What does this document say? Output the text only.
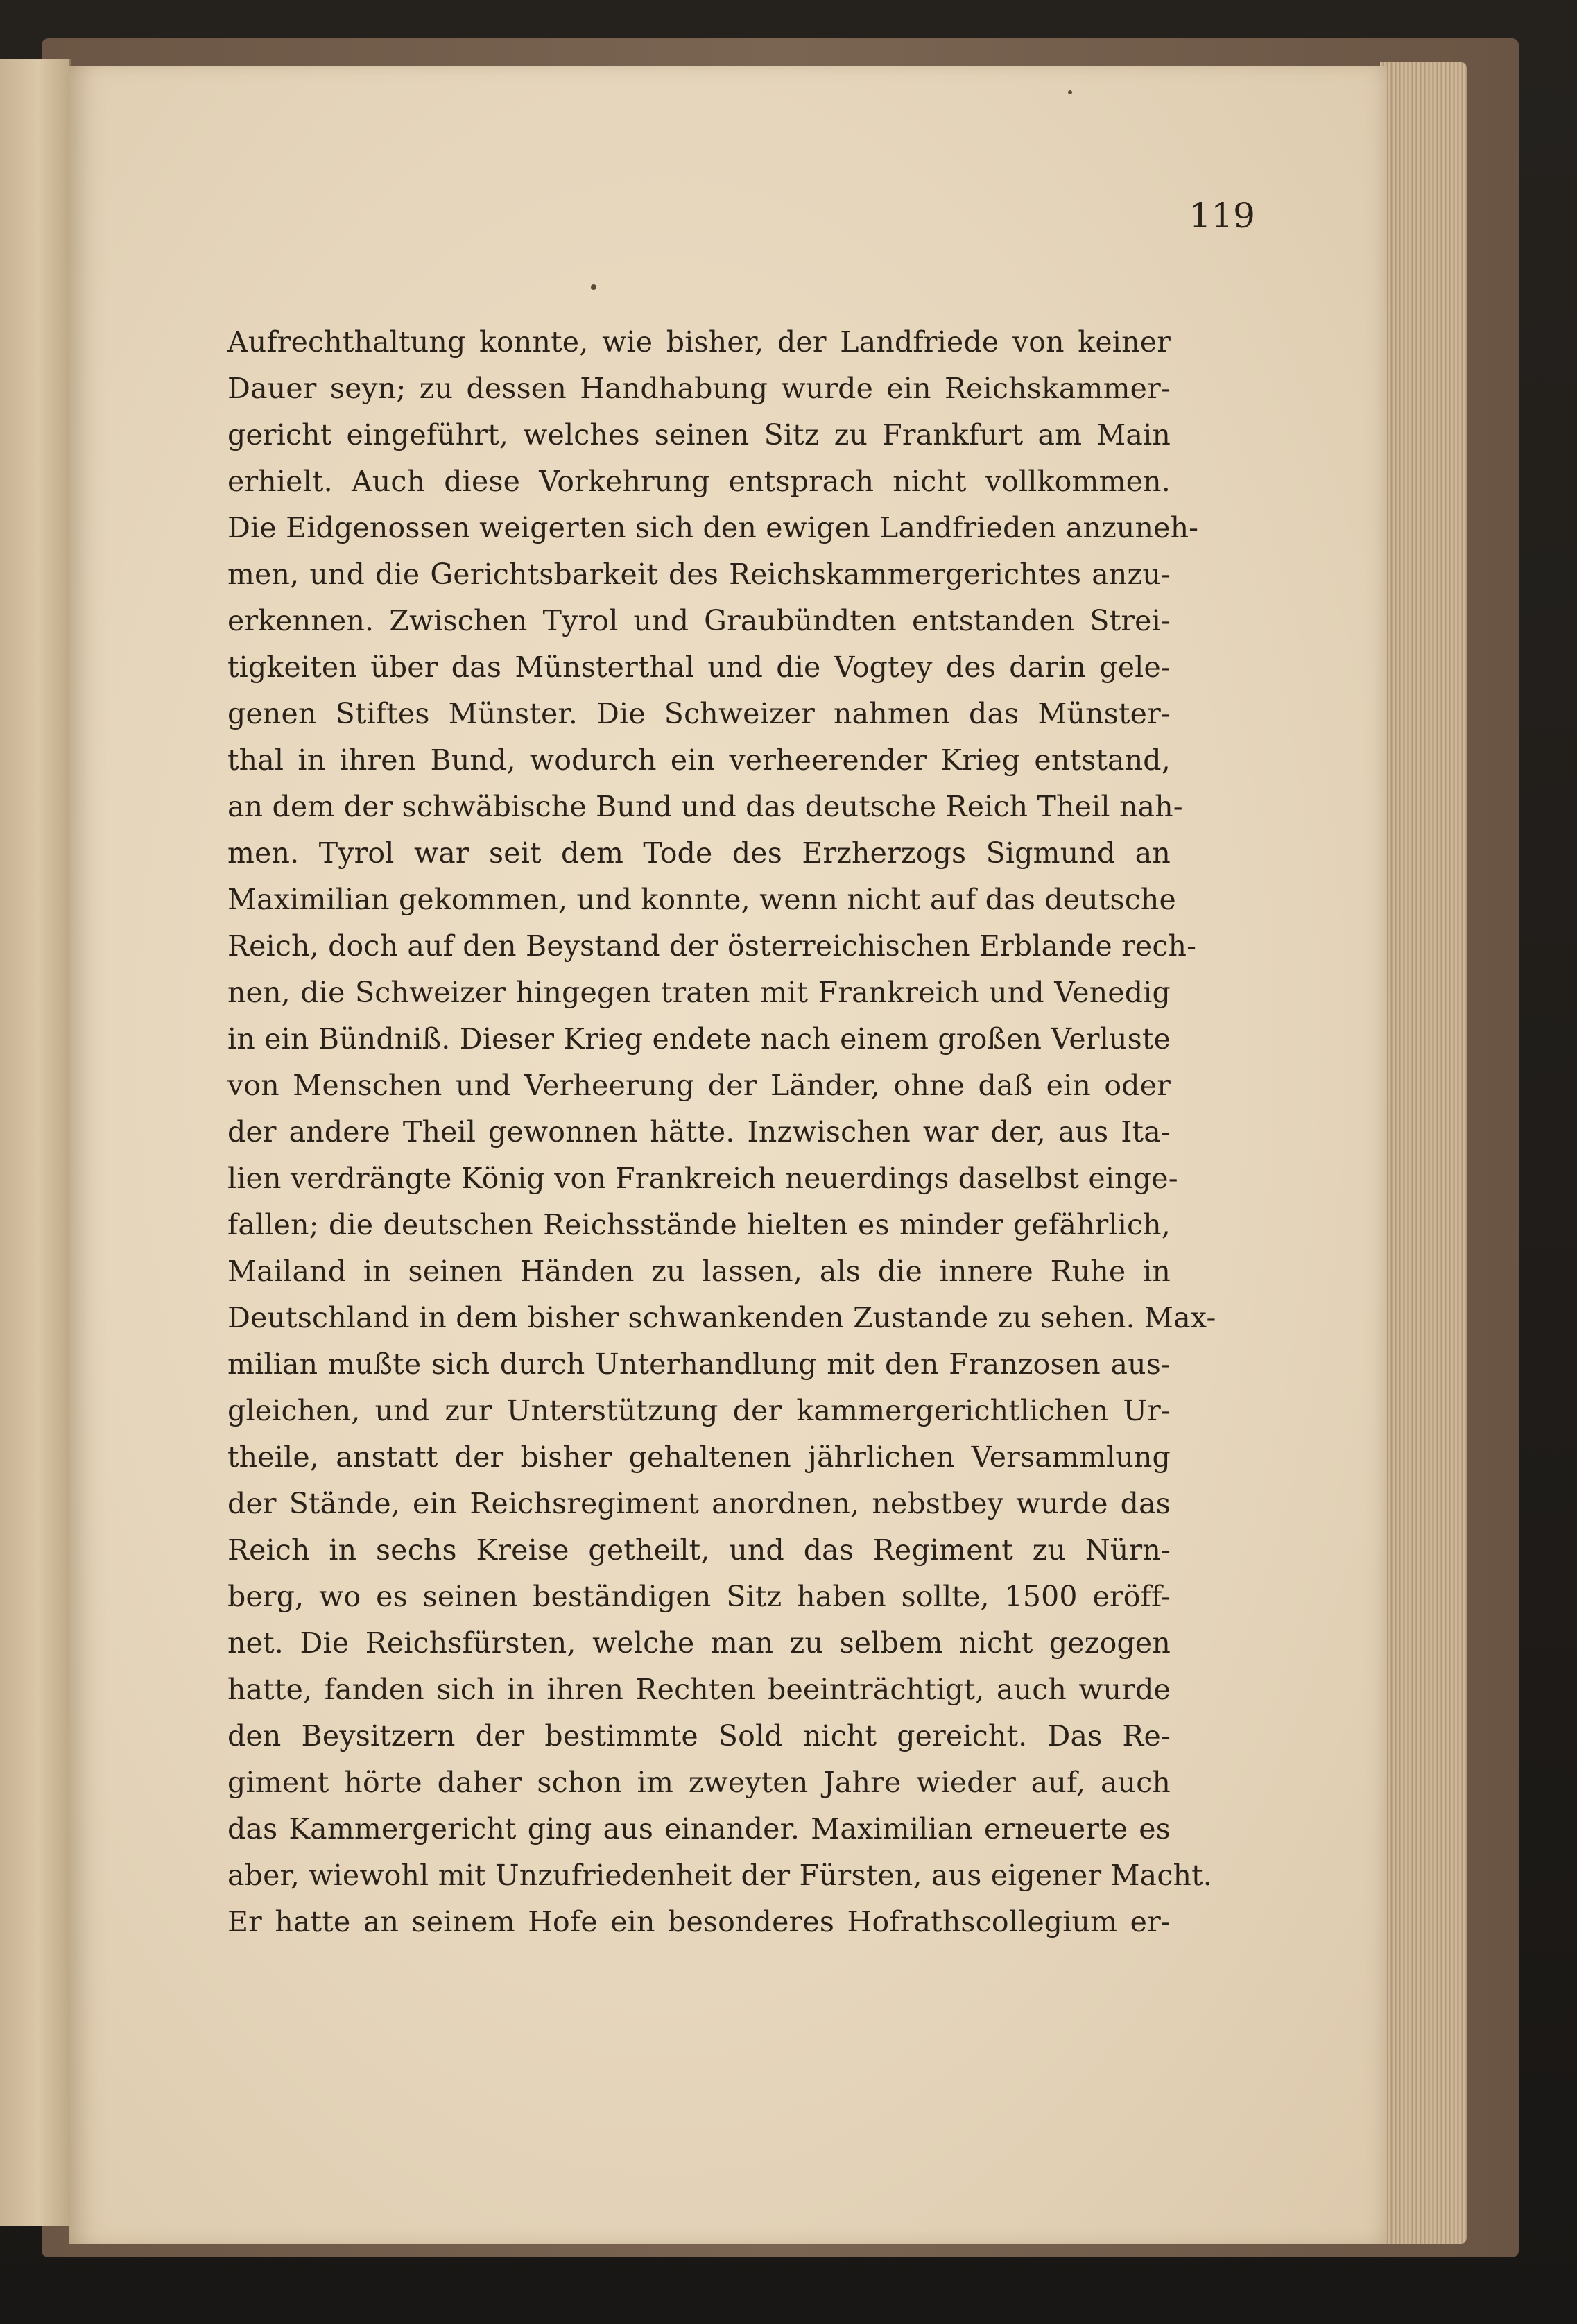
119
Aufrechthaltung konnte, wie bisher, der Landfriede von keiner
Dauer seyn; zu dessen Handhabung wurde ein Reichskammer-
gericht eingeführt, welches seinen Sitz zu Frankfurt am Main
erhielt. Auch diese Vorkehrung entsprach nicht vollkommen.
Die Eidgenossen weigerten sich den ewigen Landfrieden anzuneh-
men, und die Gerichtsbarkeit des Reichskammergerichtes anzu-
erkennen. Zwischen Tyrol und Graubündten entstanden Strei-
tigkeiten über das Münsterthal und die Vogtey des darin gele-
genen Stiftes Münster. Die Schweizer nahmen das Münster-
thal in ihren Bund, wodurch ein verheerender Krieg entstand,
an dem der schwäbische Bund und das deutsche Reich Theil nah-
men. Tyrol war seit dem Tode des Erzherzogs Sigmund an
Maximilian gekommen, und konnte, wenn nicht auf das deutsche
Reich, doch auf den Beystand der österreichischen Erblande rech-
nen, die Schweizer hingegen traten mit Frankreich und Venedig
in ein Bündniß. Dieser Krieg endete nach einem großen Verluste
von Menschen und Verheerung der Länder, ohne daß ein oder
der andere Theil gewonnen hätte. Inzwischen war der, aus Ita-
lien verdrängte König von Frankreich neuerdings daselbst einge-
fallen; die deutschen Reichsstände hielten es minder gefährlich,
Mailand in seinen Händen zu lassen, als die innere Ruhe in
Deutschland in dem bisher schwankenden Zustande zu sehen. Max-
milian mußte sich durch Unterhandlung mit den Franzosen aus-
gleichen, und zur Unterstützung der kammergerichtlichen Ur-
theile, anstatt der bisher gehaltenen jährlichen Versammlung
der Stände, ein Reichsregiment anordnen, nebstbey wurde das
Reich in sechs Kreise getheilt, und das Regiment zu Nürn-
berg, wo es seinen beständigen Sitz haben sollte, 1500 eröff-
net. Die Reichsfürsten, welche man zu selbem nicht gezogen
hatte, fanden sich in ihren Rechten beeinträchtigt, auch wurde
den Beysitzern der bestimmte Sold nicht gereicht. Das Re-
giment hörte daher schon im zweyten Jahre wieder auf, auch
das Kammergericht ging aus einander. Maximilian erneuerte es
aber, wiewohl mit Unzufriedenheit der Fürsten, aus eigener Macht.
Er hatte an seinem Hofe ein besonderes Hofrathscollegium er-
